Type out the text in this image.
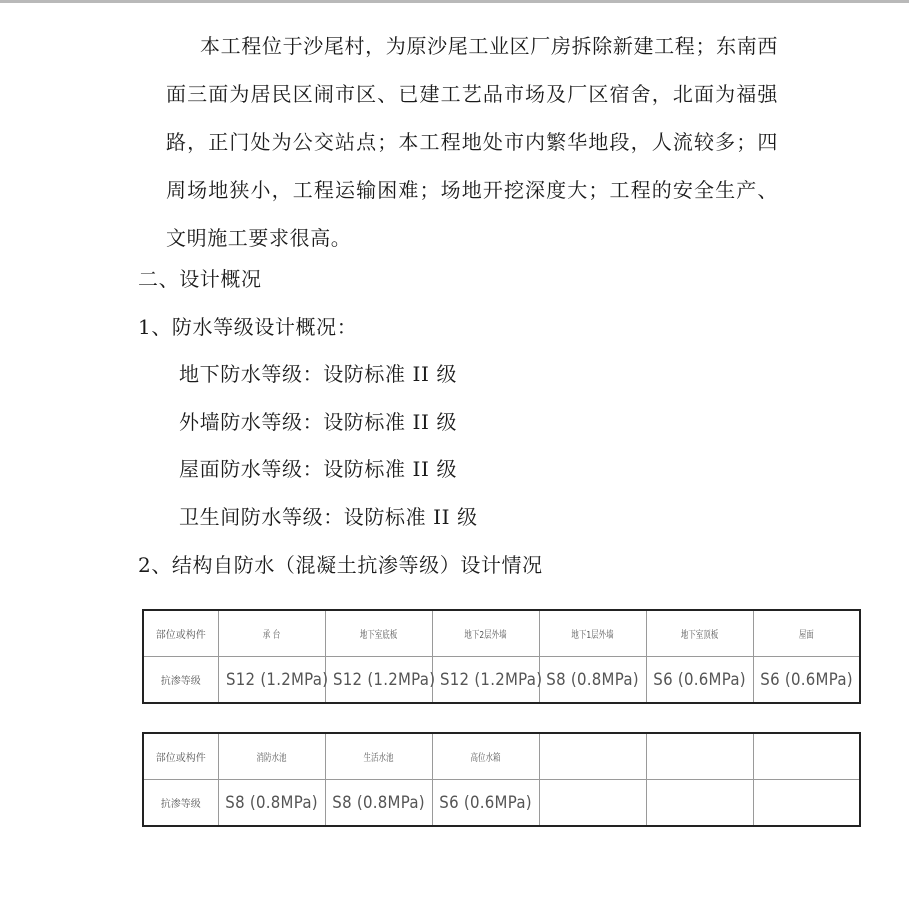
本工程位于沙尾村，为原沙尾工业区厂房拆除新建工程；东南西面三面为居民区闹市区、已建工艺品市场及厂区宿舍，北面为福强路，正门处为公交站点；本工程地处市内繁华地段，人流较多；四周场地狭小，工程运输困难；场地开挖深度大；工程的安全生产、文明施工要求很高。
二、设计概况
1、防水等级设计概况：
地下防水等级：设防标准 II 级
外墙防水等级：设防标准 II 级
屋面防水等级：设防标准 II 级
卫生间防水等级：设防标准 II 级
2、结构自防水（混凝土抗渗等级）设计情况
部位或构件	承 台	地下室底板	地下2层外墙	地下1层外墙	地下室顶板	屋面
抗渗等级	S12 (1.2MPa)	S12 (1.2MPa)	S12 (1.2MPa)	S8 (0.8MPa)	S6 (0.6MPa)	S6 (0.6MPa)
部位或构件	消防水池	生活水池	高位水箱			
抗渗等级	S8 (0.8MPa)	S8 (0.8MPa)	S6 (0.6MPa)			
